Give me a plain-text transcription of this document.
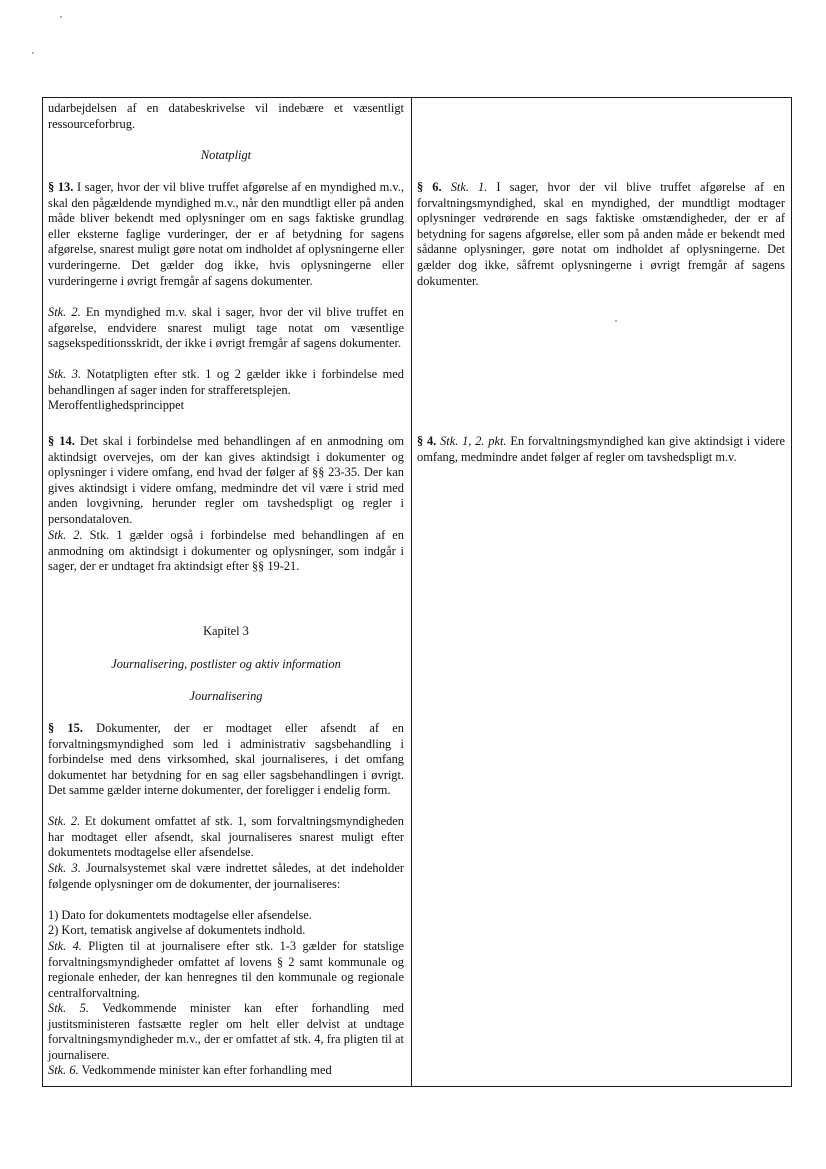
udarbejdelsen af en databeskrivelse vil indebære et væsentligt ressourceforbrug.

Notatpligt

§ 13. I sager, hvor der vil blive truffet afgørelse af en myndighed m.v., skal den pågældende myndighed m.v., når den mundtligt eller på anden måde bliver bekendt med oplysninger om en sags faktiske grundlag eller eksterne faglige vurderinger, der er af betydning for sagens afgørelse, snarest muligt gøre notat om indholdet af oplysningerne eller vurderingerne. Det gælder dog ikke, hvis oplysningerne eller vurderingerne i øvrigt fremgår af sagens dokumenter.

Stk. 2. En myndighed m.v. skal i sager, hvor der vil blive truffet en afgørelse, endvidere snarest muligt tage notat om væsentlige sagsekspeditionsskridt, der ikke i øvrigt fremgår af sagens dokumenter.

Stk. 3. Notatpligten efter stk. 1 og 2 gælder ikke i forbindelse med behandlingen af sager inden for strafferetsplejen.

Meroffentlighedsprincippet

§ 14. Det skal i forbindelse med behandlingen af en anmodning om aktindsigt overvejes, om der kan gives aktindsigt i dokumenter og oplysninger i videre omfang, end hvad der følger af §§ 23-35. Der kan gives aktindsigt i videre omfang, medmindre det vil være i strid med anden lovgivning, herunder regler om tavshedspligt og regler i persondataloven.

Stk. 2. Stk. 1 gælder også i forbindelse med behandlingen af en anmodning om aktindsigt i dokumenter og oplysninger, som indgår i sager, der er undtaget fra aktindsigt efter §§ 19-21.

Kapitel 3

Journalisering, postlister og aktiv information

Journalisering

§ 15. Dokumenter, der er modtaget eller afsendt af en forvaltningsmyndighed som led i administrativ sagsbehandling i forbindelse med dens virksomhed, skal journaliseres, i det omfang dokumentet har betydning for en sag eller sagsbehandlingen i øvrigt. Det samme gælder interne dokumenter, der foreligger i endelig form.

Stk. 2. Et dokument omfattet af stk. 1, som forvaltningsmyndigheden har modtaget eller afsendt, skal journaliseres snarest muligt efter dokumentets modtagelse eller afsendelse.

Stk. 3. Journalsystemet skal være indrettet således, at det indeholder følgende oplysninger om de dokumenter, der journaliseres:

1) Dato for dokumentets modtagelse eller afsendelse.

2) Kort, tematisk angivelse af dokumentets indhold.

Stk. 4. Pligten til at journalisere efter stk. 1-3 gælder for statslige forvaltningsmyndigheder omfattet af lovens § 2 samt kommunale og regionale enheder, der kan henregnes til den kommunale og regionale centralforvaltning.

Stk. 5. Vedkommende minister kan efter forhandling med justitsministeren fastsætte regler om helt eller delvist at undtage forvaltningsmyndigheder m.v., der er omfattet af stk. 4, fra pligten til at journalisere.

Stk. 6. Vedkommende minister kan efter forhandling med

§ 6. Stk. 1. I sager, hvor der vil blive truffet afgørelse af en forvaltningsmyndighed, skal en myndighed, der mundtligt modtager oplysninger vedrørende en sags faktiske omstændigheder, der er af betydning for sagens afgørelse, eller som på anden måde er bekendt med sådanne oplysninger, gøre notat om indholdet af oplysningerne. Det gælder dog ikke, såfremt oplysningerne i øvrigt fremgår af sagens dokumenter.

§ 4. Stk. 1, 2. pkt. En forvaltningsmyndighed kan give aktindsigt i videre omfang, medmindre andet følger af regler om tavshedspligt m.v.
